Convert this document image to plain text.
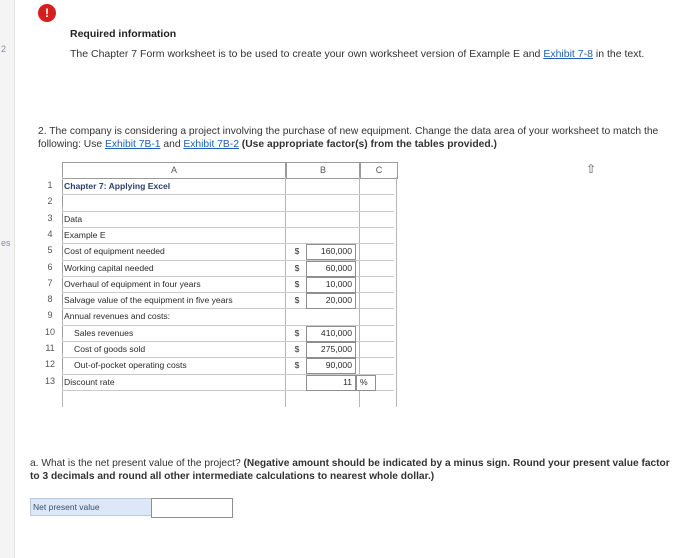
2
es
!
Required information
The Chapter 7 Form worksheet is to be used to create your own worksheet version of Example E and Exhibit 7-8 in the text.
2. The company is considering a project involving the purchase of new equipment. Change the data area of your worksheet to match the following: Use Exhibit 7B-1 and Exhibit 7B-2 (Use appropriate factor(s) from the tables provided.)
⇧
A	B	C
1	Chapter 7: Applying Excel
2
3	Data
4	Example E
5	Cost of equipment needed	$	160,000
6	Working capital needed	$	60,000
7	Overhaul of equipment in four years	$	10,000
8	Salvage value of the equipment in five years	$	20,000
9	Annual revenues and costs:
10	Sales revenues	$	410,000
11	Cost of goods sold	$	275,000
12	Out-of-pocket operating costs	$	90,000
13	Discount rate	11 %
a. What is the net present value of the project? (Negative amount should be indicated by a minus sign. Round your present value factor to 3 decimals and round all other intermediate calculations to nearest whole dollar.)
Net present value
